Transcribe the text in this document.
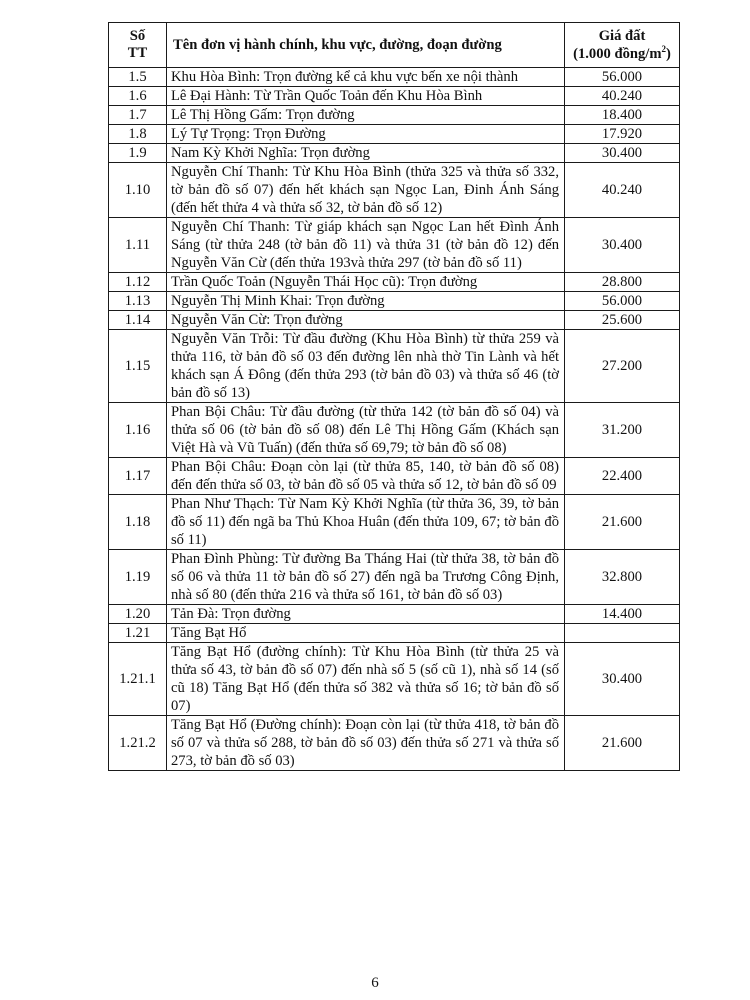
Số
TT	Tên đơn vị hành chính, khu vực, đường, đoạn đường	Giá đất
(1.000 đồng/$m^2$)

1.5	Khu Hòa Bình: Trọn đường kể cả khu vực bến xe nội thành	56.000
1.6	Lê Đại Hành: Từ Trần Quốc Toản đến Khu Hòa Bình	40.240
1.7	Lê Thị Hồng Gấm: Trọn đường	18.400
1.8	Lý Tự Trọng: Trọn Đường	17.920
1.9	Nam Kỳ Khởi Nghĩa: Trọn đường	30.400
1.10	Nguyễn Chí Thanh: Từ Khu Hòa Bình (thửa 325 và thửa số 332, tờ bản đồ số 07) đến hết khách sạn Ngọc Lan, Đinh Ánh Sáng (đến hết thửa 4 và thửa số 32, tờ bản đồ số 12)	40.240
1.11	Nguyễn Chí Thanh: Từ giáp khách sạn Ngọc Lan hết Đình Ánh Sáng (từ thửa 248 (tờ bản đồ 11) và thửa 31 (tờ bản đồ 12) đến Nguyễn Văn Cừ (đến thửa 193và thửa 297 (tờ bản đồ số 11)	30.400
1.12	Trần Quốc Toản (Nguyễn Thái Học cũ): Trọn đường	28.800
1.13	Nguyễn Thị Minh Khai: Trọn đường	56.000
1.14	Nguyễn Văn Cừ: Trọn đường	25.600
1.15	Nguyễn Văn Trỗi: Từ đầu đường (Khu Hòa Bình) từ thửa 259 và thửa 116, tờ bản đồ số 03 đến đường lên nhà thờ Tin Lành và hết khách sạn Á Đông (đến thửa 293 (tờ bản đồ 03) và thửa số 46 (tờ bản đồ số 13)	27.200
1.16	Phan Bội Châu: Từ đầu đường (từ thửa 142 (tờ bản đồ số 04) và thửa số 06 (tờ bản đồ số 08) đến Lê Thị Hồng Gấm (Khách sạn Việt Hà và Vũ Tuấn) (đến thửa số 69,79; tờ bản đồ số 08)	31.200
1.17	Phan Bội Châu: Đoạn còn lại (từ thửa 85, 140, tờ bản đồ số 08) đến đến thửa số 03, tờ bản đồ số 05 và thửa số 12, tờ bản đồ số 09	22.400
1.18	Phan Như Thạch: Từ Nam Kỳ Khởi Nghĩa (từ thửa 36, 39, tờ bản đồ số 11) đến ngã ba Thủ Khoa Huân (đến thửa 109, 67; tờ bản đồ số 11)	21.600
1.19	Phan Đình Phùng: Từ đường Ba Tháng Hai (từ thửa 38, tờ bản đồ số 06 và thửa 11 tờ bản đồ số 27) đến ngã ba Trương Công Định, nhà số 80 (đến thửa 216 và thửa số 161, tờ bản đồ số 03)	32.800
1.20	Tản Đà: Trọn đường	14.400
1.21	Tăng Bạt Hổ	
1.21.1	Tăng Bạt Hổ (đường chính): Từ Khu Hòa Bình (từ thửa 25 và thửa số 43, tờ bản đồ số 07) đến nhà số 5 (số cũ 1), nhà số 14 (số cũ 18) Tăng Bạt Hổ (đến thửa số 382 và thửa số 16; tờ bản đồ số 07)	30.400
1.21.2	Tăng Bạt Hổ (Đường chính): Đoạn còn lại (từ thửa 418, tờ bản đồ số 07 và thửa số 288, tờ bản đồ số 03) đến thửa số 271 và thửa số 273, tờ bản đồ số 03)	21.600
6
